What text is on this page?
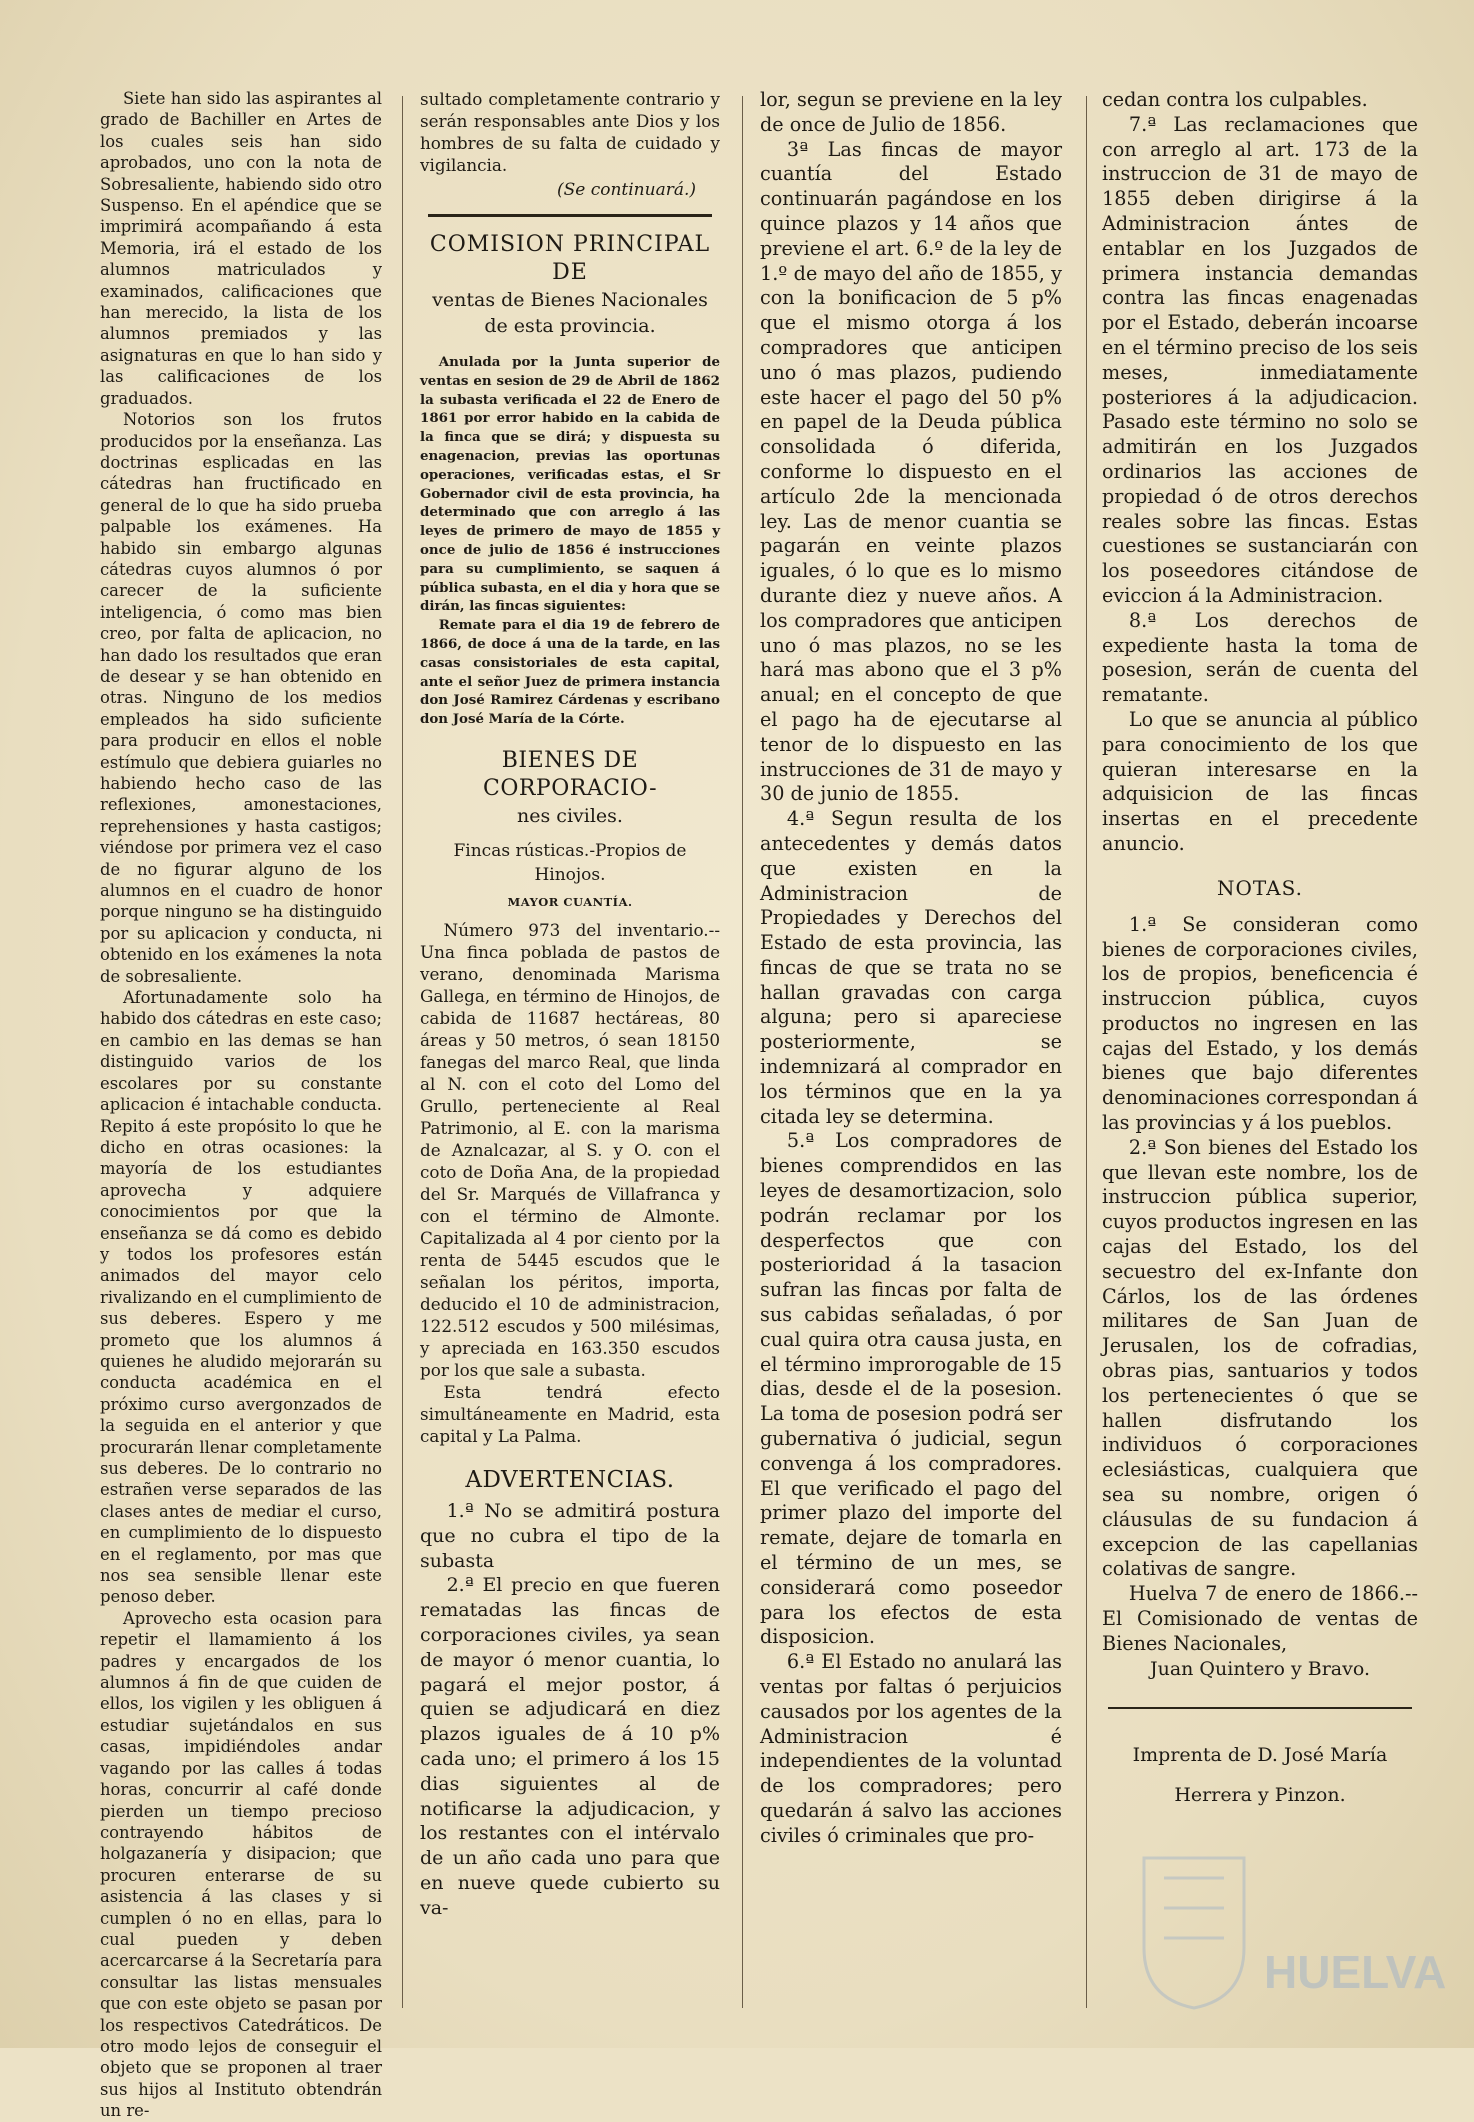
Siete han sido las aspirantes al grado de Bachiller en Artes de los cuales seis han sido aprobados, uno con la nota de Sobresaliente, habiendo sido otro Suspenso. En el apéndice que se imprimirá acompañando á esta Memoria, irá el estado de los alumnos matriculados y examinados, calificaciones que han merecido, la lista de los alumnos premiados y las asignaturas en que lo han sido y las calificaciones de los graduados.

Notorios son los frutos producidos por la enseñanza. Las doctrinas esplicadas en las cátedras han fructificado en general de lo que ha sido prueba palpable los exámenes. Ha habido sin embargo algunas cátedras cuyos alumnos ó por carecer de la suficiente inteligencia, ó como mas bien creo, por falta de aplicacion, no han dado los resultados que eran de desear y se han obtenido en otras. Ninguno de los medios empleados ha sido suficiente para producir en ellos el noble estímulo que debiera guiarles no habiendo hecho caso de las reflexiones, amonestaciones, reprehensiones y hasta castigos; viéndose por primera vez el caso de no figurar alguno de los alumnos en el cuadro de honor porque ninguno se ha distinguido por su aplicacion y conducta, ni obtenido en los exámenes la nota de sobresaliente.

Afortunadamente solo ha habido dos cátedras en este caso; en cambio en las demas se han distinguido varios de los escolares por su constante aplicacion é intachable conducta. Repito á este propósito lo que he dicho en otras ocasiones: la mayoría de los estudiantes aprovecha y adquiere conocimientos por que la enseñanza se dá como es debido y todos los profesores están animados del mayor celo rivalizando en el cumplimiento de sus deberes. Espero y me prometo que los alumnos á quienes he aludido mejorarán su conducta académica en el próximo curso avergonzados de la seguida en el anterior y que procurarán llenar completamente sus deberes. De lo contrario no estrañen verse separados de las clases antes de mediar el curso, en cumplimiento de lo dispuesto en el reglamento, por mas que nos sea sensible llenar este penoso deber.

Aprovecho esta ocasion para repetir el llamamiento á los padres y encargados de los alumnos á fin de que cuiden de ellos, los vigilen y les obliguen á estudiar sujetándalos en sus casas, impidiéndoles andar vagando por las calles á todas horas, concurrir al café donde pierden un tiempo precioso contrayendo hábitos de holgazanería y disipacion; que procuren enterarse de su asistencia á las clases y si cumplen ó no en ellas, para lo cual pueden y deben acercarcarse á la Secretaría para consultar las listas mensuales que con este objeto se pasan por los respectivos Catedráticos. De otro modo lejos de conseguir el objeto que se proponen al traer sus hijos al Instituto obtendrán un re-

sultado completamente contrario y serán responsables ante Dios y los hombres de su falta de cuidado y vigilancia.

(Se continuará.)

COMISION PRINCIPAL DE

ventas de Bienes Nacionales de esta provincia.

Anulada por la Junta superior de ventas en sesion de 29 de Abril de 1862 la subasta verificada el 22 de Enero de 1861 por error habido en la cabida de la finca que se dirá; y dispuesta su enagenacion, previas las oportunas operaciones, verificadas estas, el Sr Gobernador civil de esta provincia, ha determinado que con arreglo á las leyes de primero de mayo de 1855 y once de julio de 1856 é instrucciones para su cumplimiento, se saquen á pública subasta, en el dia y hora que se dirán, las fincas siguientes:

Remate para el dia 19 de febrero de 1866, de doce á una de la tarde, en las casas consistoriales de esta capital, ante el señor Juez de primera instancia don José Ramirez Cárdenas y escribano don José María de la Córte.

BIENES DE CORPORACIO-

nes civiles.

Fincas rústicas.-Propios de Hinojos.

MAYOR CUANTÍA.

Número 973 del inventario.--Una finca poblada de pastos de verano, denominada Marisma Gallega, en término de Hinojos, de cabida de 11687 hectáreas, 80 áreas y 50 metros, ó sean 18150 fanegas del marco Real, que linda al N. con el coto del Lomo del Grullo, perteneciente al Real Patrimonio, al E. con la marisma de Aznalcazar, al S. y O. con el coto de Doña Ana, de la propiedad del Sr. Marqués de Villafranca y con el término de Almonte. Capitalizada al 4 por ciento por la renta de 5445 escudos que le señalan los péritos, importa, deducido el 10 de administracion, 122.512 escudos y 500 milésimas, y apreciada en 163.350 escudos por los que sale a subasta.

Esta tendrá efecto simultáneamente en Madrid, esta capital y La Palma.

ADVERTENCIAS.

1.ª No se admitirá postura que no cubra el tipo de la subasta

2.ª El precio en que fueren rematadas las fincas de corporaciones civiles, ya sean de mayor ó menor cuantia, lo pagará el mejor postor, á quien se adjudicará en diez plazos iguales de á 10 p% cada uno; el primero á los 15 dias siguientes al de notificarse la adjudicacion, y los restantes con el intérvalo de un año cada uno para que en nueve quede cubierto su va-

lor, segun se previene en la ley de once de Julio de 1856.

3ª Las fincas de mayor cuantía del Estado continuarán pagándose en los quince plazos y 14 años que previene el art. 6.º de la ley de 1.º de mayo del año de 1855, y con la bonificacion de 5 p% que el mismo otorga á los compradores que anticipen uno ó mas plazos, pudiendo este hacer el pago del 50 p% en papel de la Deuda pública consolidada ó diferida, conforme lo dispuesto en el artículo 2de la mencionada ley. Las de menor cuantia se pagarán en veinte plazos iguales, ó lo que es lo mismo durante diez y nueve años. A los compradores que anticipen uno ó mas plazos, no se les hará mas abono que el 3 p% anual; en el concepto de que el pago ha de ejecutarse al tenor de lo dispuesto en las instrucciones de 31 de mayo y 30 de junio de 1855.

4.ª Segun resulta de los antecedentes y demás datos que existen en la Administracion de Propiedades y Derechos del Estado de esta provincia, las fincas de que se trata no se hallan gravadas con carga alguna; pero si apareciese posteriormente, se indemnizará al comprador en los términos que en la ya citada ley se determina.

5.ª Los compradores de bienes comprendidos en las leyes de desamortizacion, solo podrán reclamar por los desperfectos que con posterioridad á la tasacion sufran las fincas por falta de sus cabidas señaladas, ó por cual quira otra causa justa, en el término improrogable de 15 dias, desde el de la posesion. La toma de posesion podrá ser gubernativa ó judicial, segun convenga á los compradores. El que verificado el pago del primer plazo del importe del remate, dejare de tomarla en el término de un mes, se considerará como poseedor para los efectos de esta disposicion.

6.ª El Estado no anulará las ventas por faltas ó perjuicios causados por los agentes de la Administracion é independientes de la voluntad de los compradores; pero quedarán á salvo las acciones civiles ó criminales que pro-

cedan contra los culpables.

7.ª Las reclamaciones que con arreglo al art. 173 de la instruccion de 31 de mayo de 1855 deben dirigirse á la Administracion ántes de entablar en los Juzgados de primera instancia demandas contra las fincas enagenadas por el Estado, deberán incoarse en el término preciso de los seis meses, inmediatamente posteriores á la adjudicacion. Pasado este término no solo se admitirán en los Juzgados ordinarios las acciones de propiedad ó de otros derechos reales sobre las fincas. Estas cuestiones se sustanciarán con los poseedores citándose de eviccion á la Administracion.

8.ª Los derechos de expediente hasta la toma de posesion, serán de cuenta del rematante.

Lo que se anuncia al público para conocimiento de los que quieran interesarse en la adquisicion de las fincas insertas en el precedente anuncio.

NOTAS.

1.ª Se consideran como bienes de corporaciones civiles, los de propios, beneficencia é instruccion pública, cuyos productos no ingresen en las cajas del Estado, y los demás bienes que bajo diferentes denominaciones correspondan á las provincias y á los pueblos.

2.ª Son bienes del Estado los que llevan este nombre, los de instruccion pública superior, cuyos productos ingresen en las cajas del Estado, los del secuestro del ex-Infante don Cárlos, los de las órdenes militares de San Juan de Jerusalen, los de cofradias, obras pias, santuarios y todos los pertenecientes ó que se hallen disfrutando los individuos ó corporaciones eclesiásticas, cualquiera que sea su nombre, origen ó cláusulas de su fundacion á excepcion de las capellanias colativas de sangre.

Huelva 7 de enero de 1866.--El Comisionado de ventas de Bienes Nacionales,

Juan Quintero y Bravo.

Imprenta de D. José María

Herrera y Pinzon.

HUELVA
